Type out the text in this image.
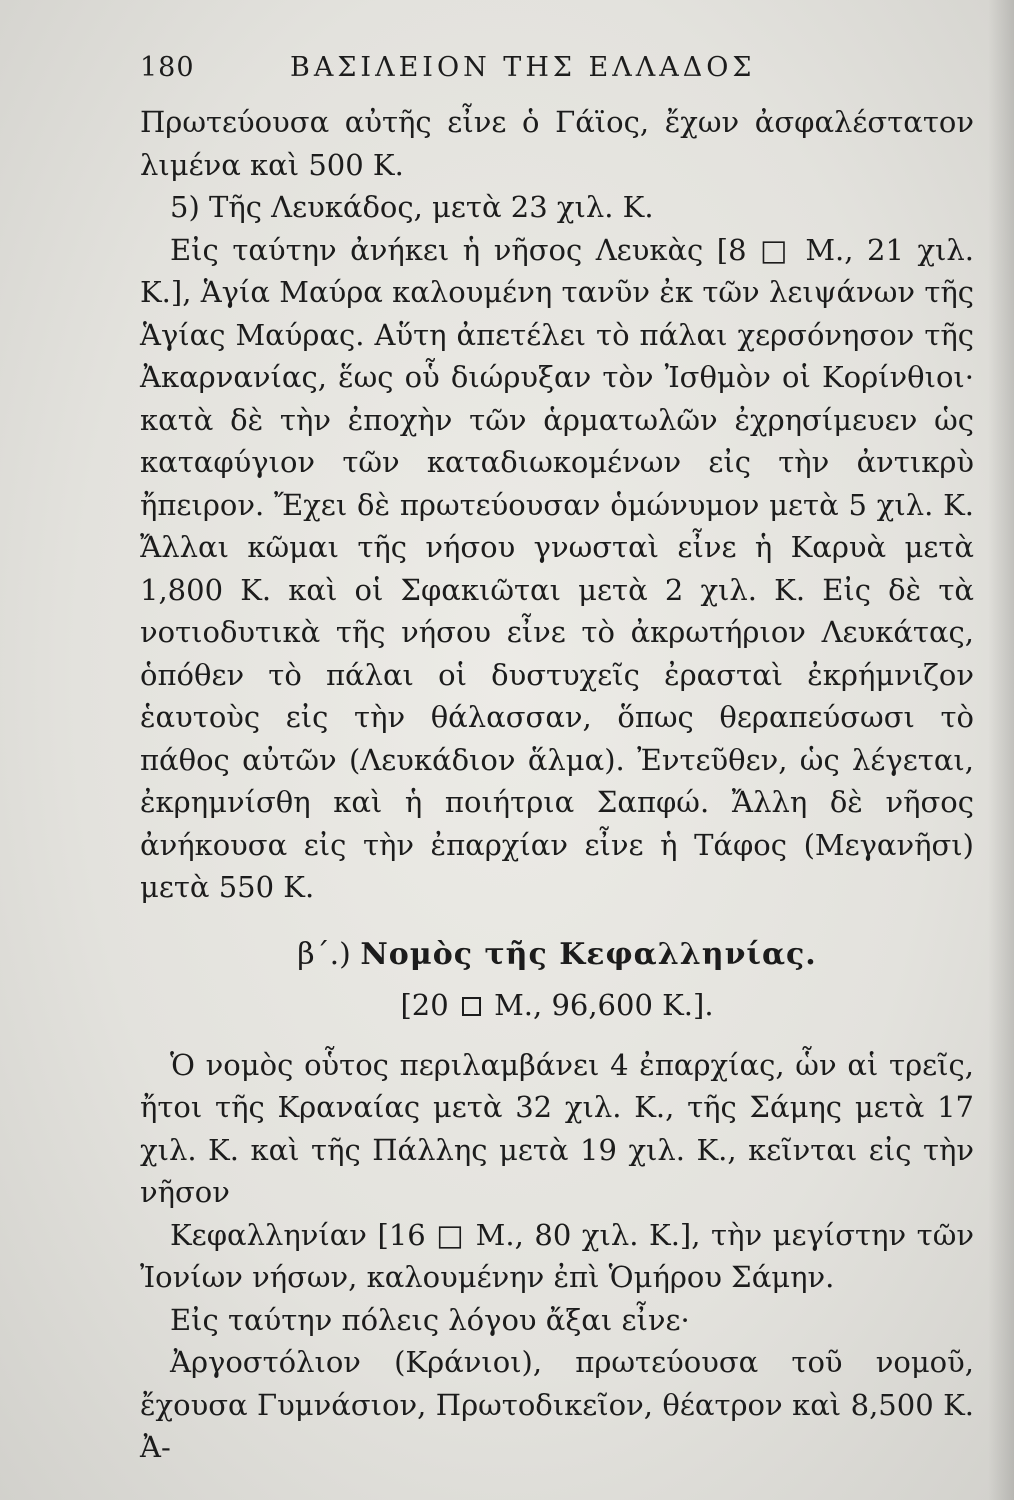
180	ΒΑΣΙΛΕΙΟΝ ΤΗΣ ΕΛΛΑΔΟΣ

Πρωτεύουσα αὐτῆς εἶνε ὁ Γάϊος, ἔχων ἀσφαλέστατον λιμένα καὶ 500 Κ.

5) Τῆς Λευκάδος, μετὰ 23 χιλ. Κ.

Εἰς ταύτην ἀνήκει ἡ νῆσος Λευκὰς [8 □ Μ., 21 χιλ. Κ.], Ἁγία Μαύρα καλουμένη τανῦν ἐκ τῶν λειψάνων τῆς Ἁγίας Μαύρας. Αὕτη ἀπετέλει τὸ πάλαι χερσόνησον τῆς Ἀκαρνανίας, ἕως οὗ διώρυξαν τὸν Ἰσθμὸν οἱ Κορίνθιοι· κατὰ δὲ τὴν ἐποχὴν τῶν ἁρματωλῶν ἐχρησίμευεν ὡς καταφύγιον τῶν καταδιωκομένων εἰς τὴν ἀντικρὺ ἤπειρον. Ἔχει δὲ πρωτεύουσαν ὁμώνυμον μετὰ 5 χιλ. Κ. Ἄλλαι κῶμαι τῆς νήσου γνωσταὶ εἶνε ἡ Καρυὰ μετὰ 1,800 Κ. καὶ οἱ Σφακιῶται μετὰ 2 χιλ. Κ. Εἰς δὲ τὰ νοτιοδυτικὰ τῆς νήσου εἶνε τὸ ἀκρωτήριον Λευκάτας, ὁπόθεν τὸ πάλαι οἱ δυστυχεῖς ἐρασταὶ ἐκρήμνιζον ἑαυτοὺς εἰς τὴν θάλασσαν, ὅπως θεραπεύσωσι τὸ πάθος αὐτῶν (Λευκάδιον ἅλμα). Ἐντεῦθεν, ὡς λέγεται, ἐκρημνίσθη καὶ ἡ ποιήτρια Σαπφώ. Ἄλλη δὲ νῆσος ἀνήκουσα εἰς τὴν ἐπαρχίαν εἶνε ἡ Τάφος (Μεγανῆσι) μετὰ 550 Κ.

β΄.) Νομὸς τῆς Κεφαλληνίας.
[20 Μ., 96,600 Κ.].

Ὁ νομὸς οὗτος περιλαμβάνει 4 ἐπαρχίας, ὧν αἱ τρεῖς, ἤτοι τῆς Κραναίας μετὰ 32 χιλ. Κ., τῆς Σάμης μετὰ 17 χιλ. Κ. καὶ τῆς Πάλλης μετὰ 19 χιλ. Κ., κεῖνται εἰς τὴν νῆσον

Κεφαλληνίαν [16 □ Μ., 80 χιλ. Κ.], τὴν μεγίστην τῶν Ἰονίων νήσων, καλουμένην ἐπὶ Ὁμήρου Σάμην.

Εἰς ταύτην πόλεις λόγου ἄξαι εἶνε·

Ἀργοστόλιον (Κράνιοι), πρωτεύουσα τοῦ νομοῦ, ἔχουσα Γυμνάσιον, Πρωτοδικεῖον, θέατρον καὶ 8,500 Κ. Ἀ-
